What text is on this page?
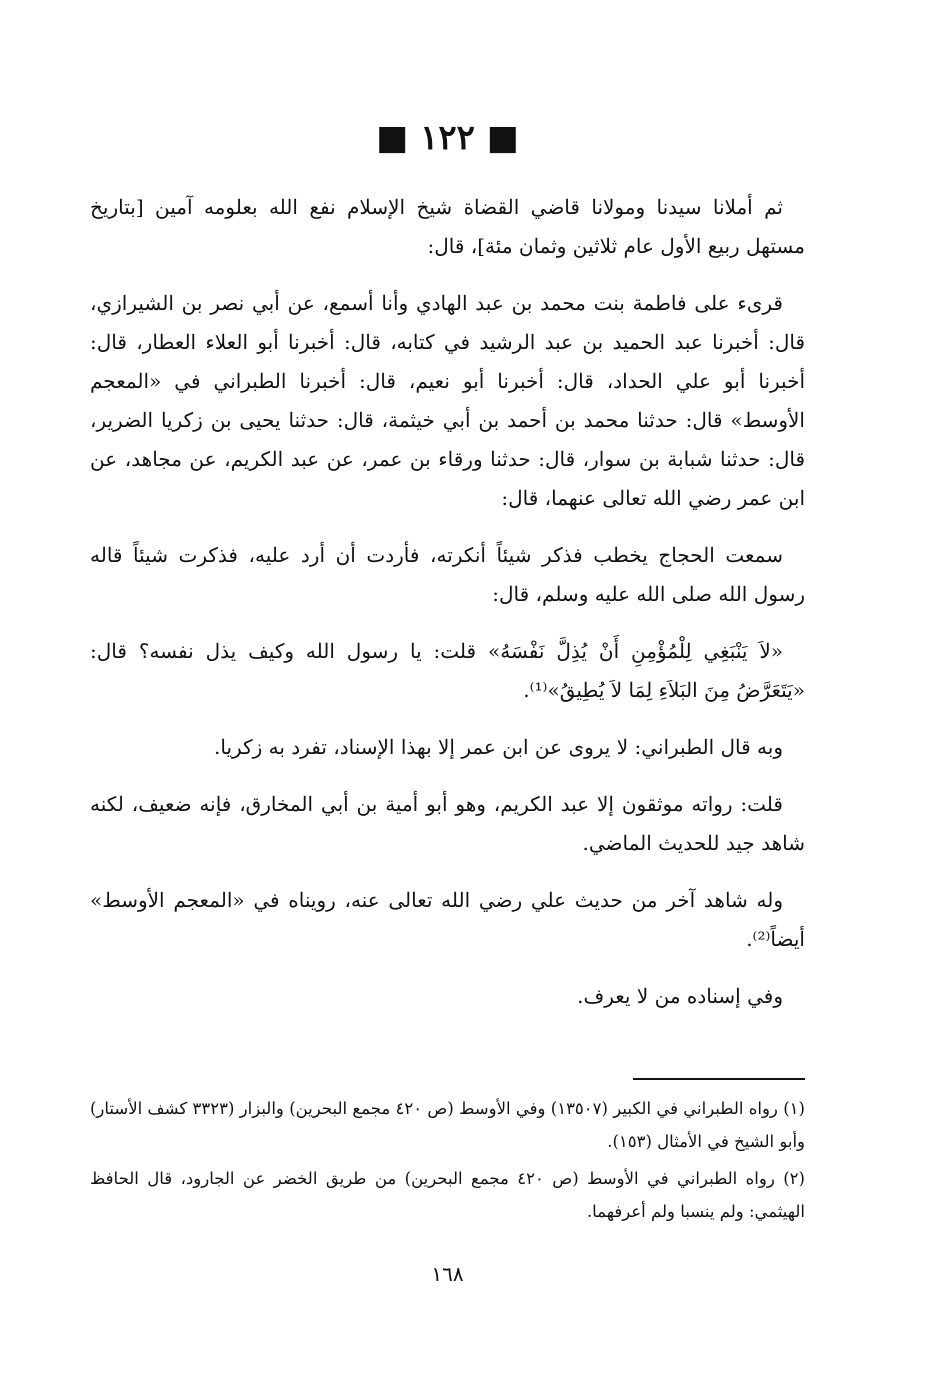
■ ١٢٢ ■

ثم أملانا سيدنا ومولانا قاضي القضاة شيخ الإسلام نفع الله بعلومه آمين [بتاريخ مستهل ربيع الأول عام ثلاثين وثمان مئة]، قال:

قرىء على فاطمة بنت محمد بن عبد الهادي وأنا أسمع، عن أبي نصر بن الشيرازي، قال: أخبرنا عبد الحميد بن عبد الرشيد في كتابه، قال: أخبرنا أبو العلاء العطار، قال: أخبرنا أبو علي الحداد، قال: أخبرنا أبو نعيم، قال: أخبرنا الطبراني في «المعجم الأوسط» قال: حدثنا محمد بن أحمد بن أبي خيثمة، قال: حدثنا يحيى بن زكريا الضرير، قال: حدثنا شبابة بن سوار، قال: حدثنا ورقاء بن عمر، عن عبد الكريم، عن مجاهد، عن ابن عمر رضي الله تعالى عنهما، قال:

سمعت الحجاج يخطب فذكر شيئاً أنكرته، فأردت أن أرد عليه، فذكرت شيئاً قاله رسول الله صلى الله عليه وسلم، قال:

«لاَ يَنْبَغِي لِلْمُؤْمِنِ أَنْ يُذِلَّ نَفْسَهُ» قلت: يا رسول الله وكيف يذل نفسه؟ قال: «يَتَعَرَّضُ مِنَ البَلاَءِ لِمَا لاَ يُطِيقُ»⁽¹⁾.

وبه قال الطبراني: لا يروى عن ابن عمر إلا بهذا الإسناد، تفرد به زكريا.

قلت: رواته موثقون إلا عبد الكريم، وهو أبو أمية بن أبي المخارق، فإنه ضعيف، لكنه شاهد جيد للحديث الماضي.

وله شاهد آخر من حديث علي رضي الله تعالى عنه، رويناه في «المعجم الأوسط» أيضاً⁽²⁾.

وفي إسناده من لا يعرف.

(١) رواه الطبراني في الكبير (١٣٥٠٧) وفي الأوسط (ص ٤٢٠ مجمع البحرين) والبزار (٣٣٢٣ كشف الأستار) وأبو الشيخ في الأمثال (١٥٣).

(٢) رواه الطبراني في الأوسط (ص ٤٢٠ مجمع البحرين) من طريق الخضر عن الجارود، قال الحافظ الهيثمي: ولم ينسبا ولم أعرفهما.

١٦٨
